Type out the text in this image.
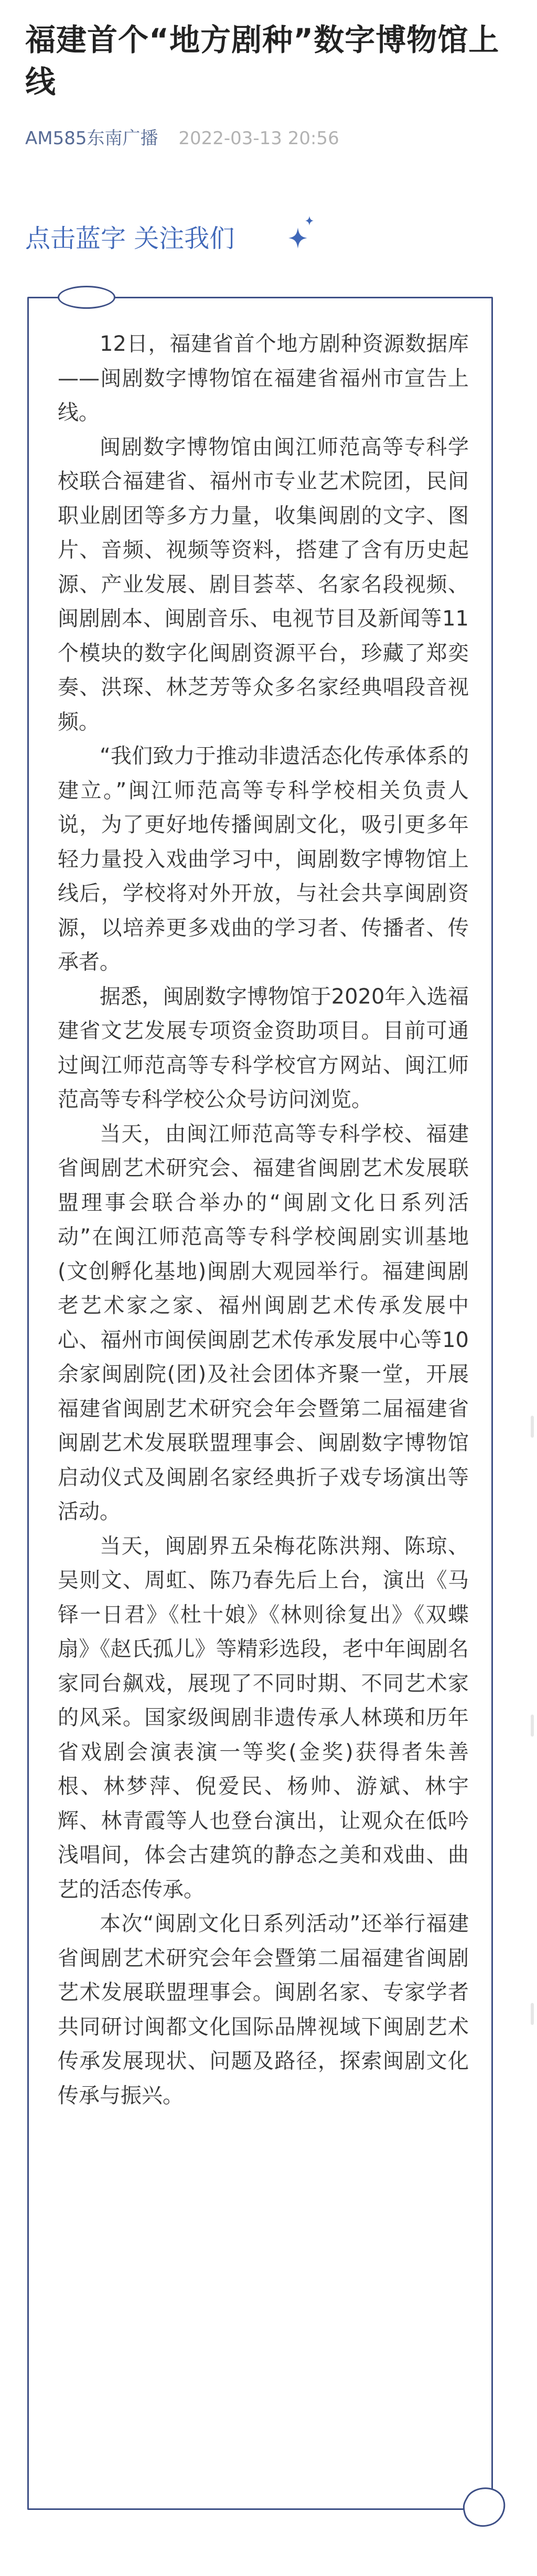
福建首个“地方剧种”数字博物馆上线
AM585东南广播 2022-03-13 20:56
点击蓝字 关注我们

12日，福建省首个地方剧种资源数据库——闽剧数字博物馆在福建省福州市宣告上线。

闽剧数字博物馆由闽江师范高等专科学校联合福建省、福州市专业艺术院团，民间职业剧团等多方力量，收集闽剧的文字、图片、音频、视频等资料，搭建了含有历史起源、产业发展、剧目荟萃、名家名段视频、闽剧剧本、闽剧音乐、电视节目及新闻等11个模块的数字化闽剧资源平台，珍藏了郑奕奏、洪琛、林芝芳等众多名家经典唱段音视频。

“我们致力于推动非遗活态化传承体系的建立。”闽江师范高等专科学校相关负责人说，为了更好地传播闽剧文化，吸引更多年轻力量投入戏曲学习中，闽剧数字博物馆上线后，学校将对外开放，与社会共享闽剧资源，以培养更多戏曲的学习者、传播者、传承者。

据悉，闽剧数字博物馆于2020年入选福建省文艺发展专项资金资助项目。目前可通过闽江师范高等专科学校官方网站、闽江师范高等专科学校公众号访问浏览。

当天，由闽江师范高等专科学校、福建省闽剧艺术研究会、福建省闽剧艺术发展联盟理事会联合举办的“闽剧文化日系列活动”在闽江师范高等专科学校闽剧实训基地(文创孵化基地)闽剧大观园举行。福建闽剧老艺术家之家、福州闽剧艺术传承发展中心、福州市闽侯闽剧艺术传承发展中心等10余家闽剧院(团)及社会团体齐聚一堂，开展福建省闽剧艺术研究会年会暨第二届福建省闽剧艺术发展联盟理事会、闽剧数字博物馆启动仪式及闽剧名家经典折子戏专场演出等活动。

当天，闽剧界五朵梅花陈洪翔、陈琼、吴则文、周虹、陈乃春先后上台，演出《马铎一日君》《杜十娘》《林则徐复出》《双蝶扇》《赵氏孤儿》等精彩选段，老中年闽剧名家同台飙戏，展现了不同时期、不同艺术家的风采。国家级闽剧非遗传承人林瑛和历年省戏剧会演表演一等奖(金奖)获得者朱善根、林梦萍、倪爱民、杨帅、游斌、林宇辉、林青霞等人也登台演出，让观众在低吟浅唱间，体会古建筑的静态之美和戏曲、曲艺的活态传承。

本次“闽剧文化日系列活动”还举行福建省闽剧艺术研究会年会暨第二届福建省闽剧艺术发展联盟理事会。闽剧名家、专家学者共同研讨闽都文化国际品牌视域下闽剧艺术传承发展现状、问题及路径，探索闽剧文化传承与振兴。
